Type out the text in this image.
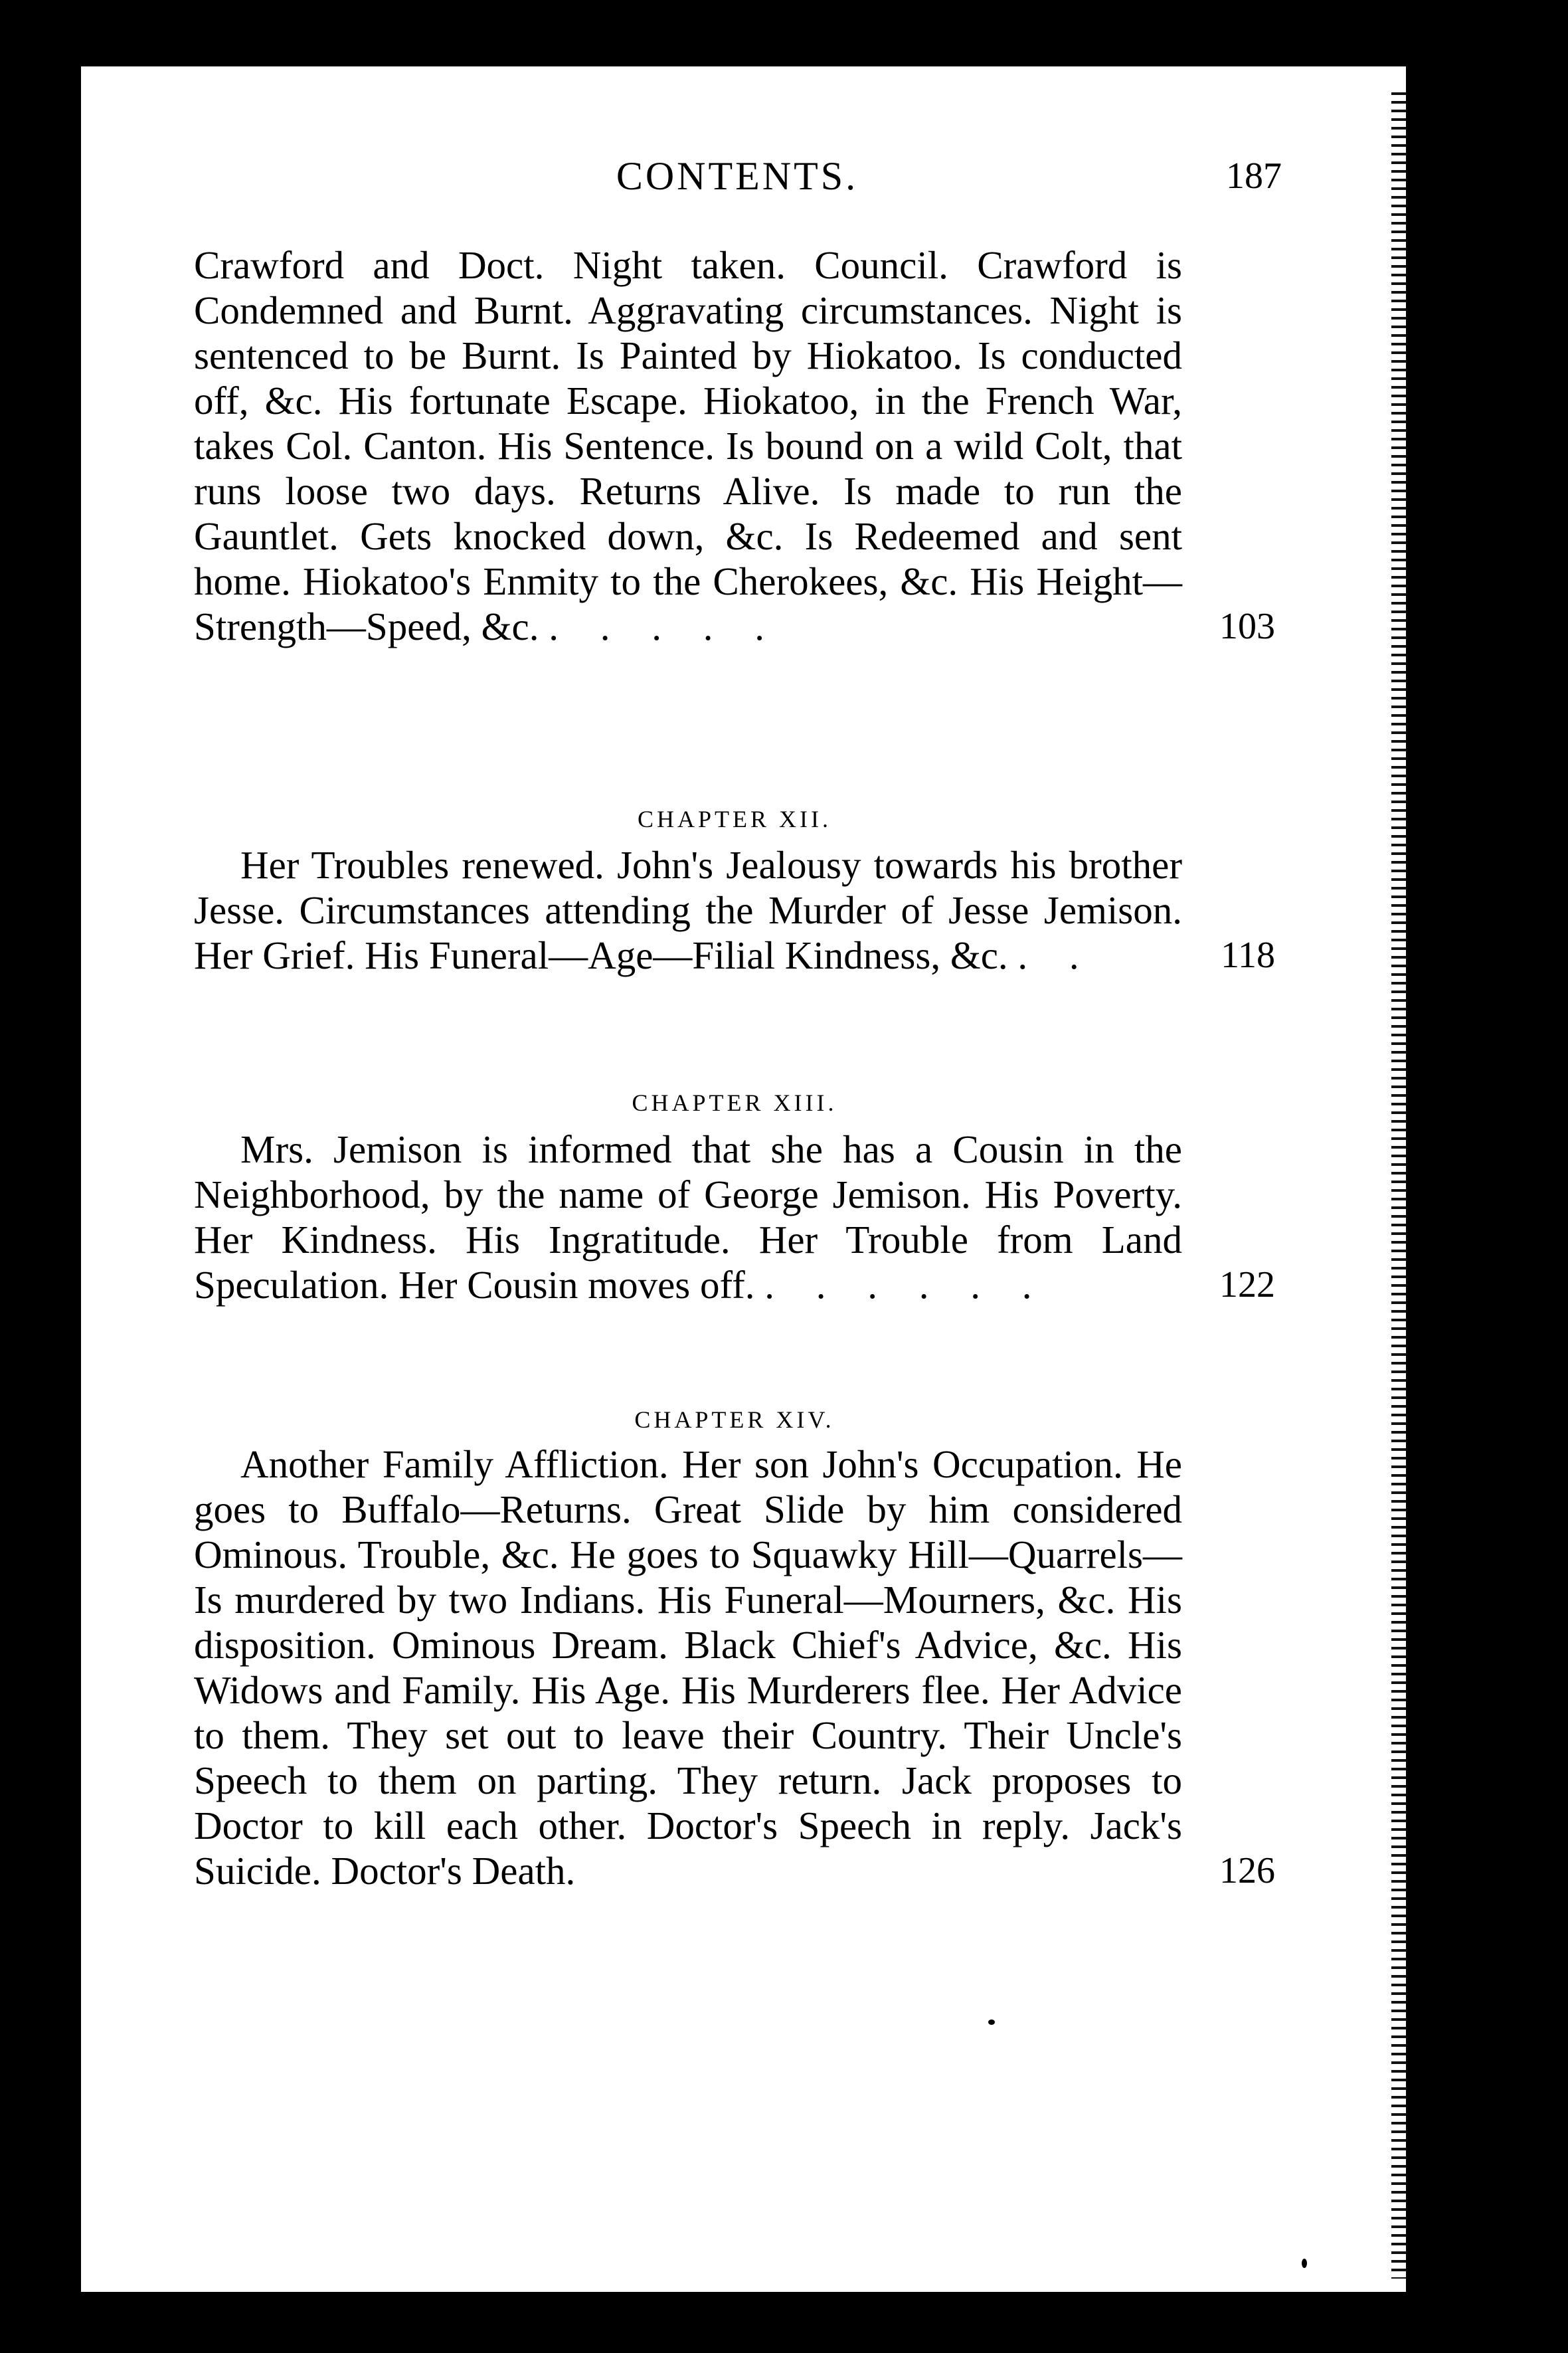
CONTENTS.	187
Crawford and Doct. Night taken. Council. Crawford is Condemned and Burnt. Aggravating circumstances. Night is sentenced to be Burnt. Is Painted by Hiokatoo. Is conducted off, &c. His fortunate Escape. Hiokatoo, in the French War, takes Col. Canton. His Sentence. Is bound on a wild Colt, that runs loose two days. Returns Alive. Is made to run the Gauntlet. Gets knocked down, &c. Is Redeemed and sent home. Hiokatoo's Enmity to the Cherokees, &c. His Height—Strength—Speed, &c. . . . . .	103
CHAPTER XII.
Her Troubles renewed. John's Jealousy towards his brother Jesse. Circumstances attending the Murder of Jesse Jemison. Her Grief. His Funeral—Age—Filial Kindness, &c. . .	118
CHAPTER XIII.
Mrs. Jemison is informed that she has a Cousin in the Neighborhood, by the name of George Jemison. His Poverty. Her Kindness. His Ingratitude. Her Trouble from Land Speculation. Her Cousin moves off. . . . . . .	122
CHAPTER XIV.
Another Family Affliction. Her son John's Occupation. He goes to Buffalo—Returns. Great Slide by him considered Ominous. Trouble, &c. He goes to Squawky Hill—Quarrels—Is murdered by two Indians. His Funeral—Mourners, &c. His disposition. Ominous Dream. Black Chief's Advice, &c. His Widows and Family. His Age. His Murderers flee. Her Advice to them. They set out to leave their Country. Their Uncle's Speech to them on parting. They return. Jack proposes to Doctor to kill each other. Doctor's Speech in reply. Jack's Suicide. Doctor's Death.	126
